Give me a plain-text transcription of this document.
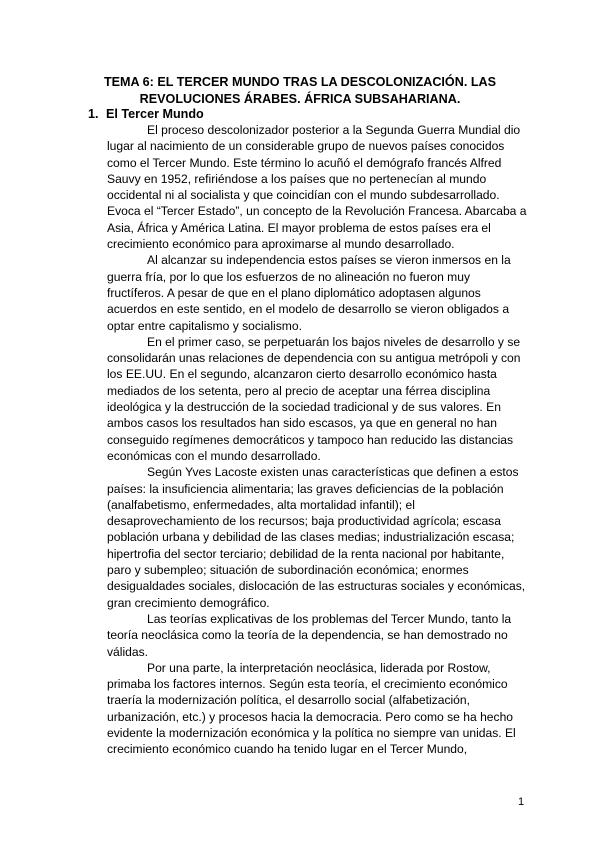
TEMA 6: EL TERCER MUNDO TRAS LA DESCOLONIZACIÓN. LAS REVOLUCIONES ÁRABES. ÁFRICA SUBSAHARIANA.
1. El Tercer Mundo

El proceso descolonizador posterior a la Segunda Guerra Mundial dio lugar al nacimiento de un considerable grupo de nuevos países conocidos como el Tercer Mundo. Este término lo acuñó el demógrafo francés Alfred Sauvy en 1952, refiriéndose a los países que no pertenecían al mundo occidental ni al socialista y que coincidían con el mundo subdesarrollado. Evoca el “Tercer Estado”, un concepto de la Revolución Francesa. Abarcaba a Asia, África y América Latina. El mayor problema de estos países era el crecimiento económico para aproximarse al mundo desarrollado.

Al alcanzar su independencia estos países se vieron inmersos en la guerra fría, por lo que los esfuerzos de no alineación no fueron muy fructíferos. A pesar de que en el plano diplomático adoptasen algunos acuerdos en este sentido, en el modelo de desarrollo se vieron obligados a optar entre capitalismo y socialismo.

En el primer caso, se perpetuarán los bajos niveles de desarrollo y se consolidarán unas relaciones de dependencia con su antigua metrópoli y con los EE.UU. En el segundo, alcanzaron cierto desarrollo económico hasta mediados de los setenta, pero al precio de aceptar una férrea disciplina ideológica y la destrucción de la sociedad tradicional y de sus valores. En ambos casos los resultados han sido escasos, ya que en general no han conseguido regímenes democráticos y tampoco han reducido las distancias económicas con el mundo desarrollado.

Según Yves Lacoste existen unas características que definen a estos países: la insuficiencia alimentaria; las graves deficiencias de la población (analfabetismo, enfermedades, alta mortalidad infantil); el desaprovechamiento de los recursos; baja productividad agrícola; escasa población urbana y debilidad de las clases medias; industrialización escasa; hipertrofia del sector terciario; debilidad de la renta nacional por habitante, paro y subempleo; situación de subordinación económica; enormes desigualdades sociales, dislocación de las estructuras sociales y económicas, gran crecimiento demográfico.

Las teorías explicativas de los problemas del Tercer Mundo, tanto la teoría neoclásica como la teoría de la dependencia, se han demostrado no válidas.

Por una parte, la interpretación neoclásica, liderada por Rostow, primaba los factores internos. Según esta teoría, el crecimiento económico traería la modernización política, el desarrollo social (alfabetización, urbanización, etc.) y procesos hacia la democracia. Pero como se ha hecho evidente la modernización económica y la política no siempre van unidas. El crecimiento económico cuando ha tenido lugar en el Tercer Mundo,

1
